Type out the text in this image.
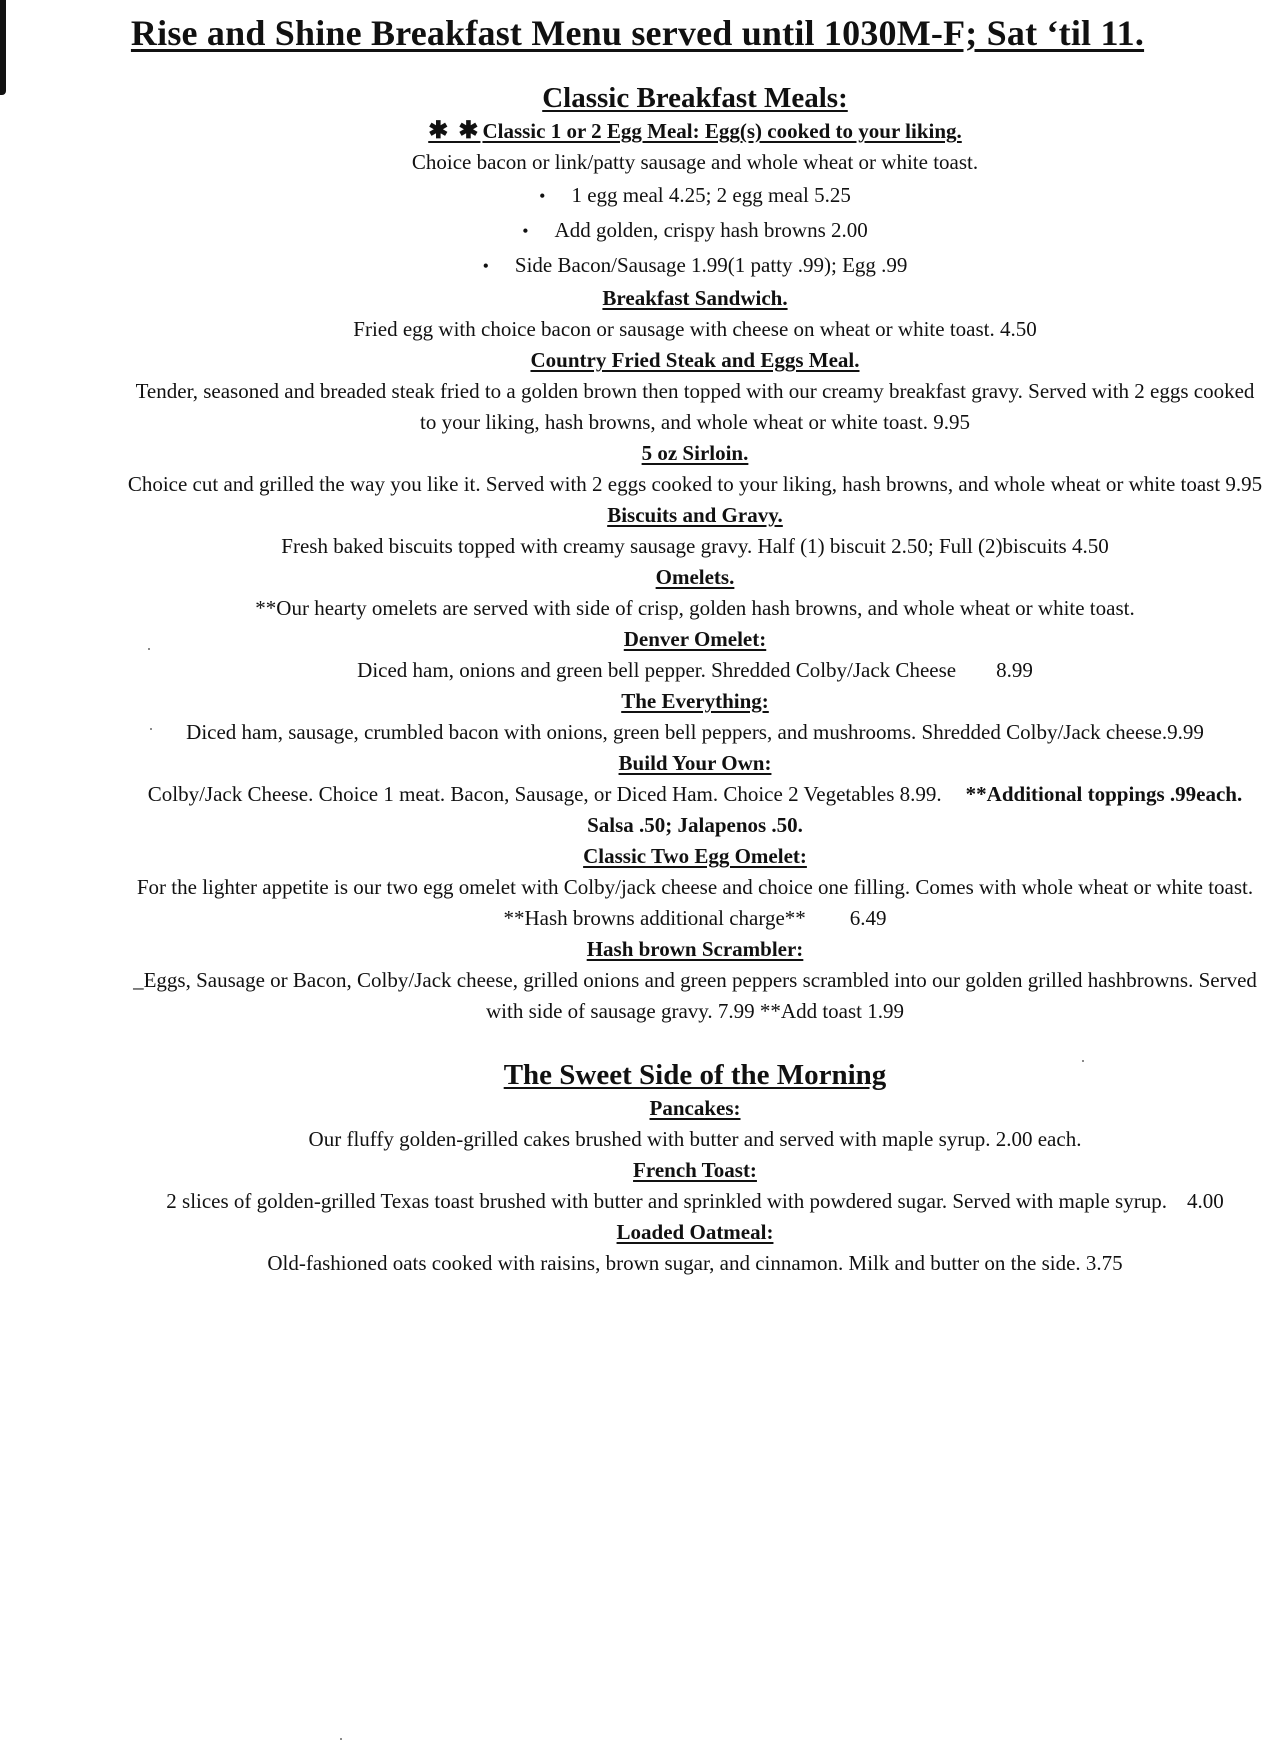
Rise and Shine Breakfast Menu served until 1030M-F; Sat ‘til 11.
Classic Breakfast Meals:
✱ ✱Classic 1 or 2 Egg Meal: Egg(s) cooked to your liking.

Choice bacon or link/patty sausage and whole wheat or white toast.

• 1 egg meal 4.25; 2 egg meal 5.25
• Add golden, crispy hash browns 2.00
• Side Bacon/Sausage 1.99(1 patty .99); Egg .99
Breakfast Sandwich.

Fried egg with choice bacon or sausage with cheese on wheat or white toast. 4.50

Country Fried Steak and Eggs Meal.

Tender, seasoned and breaded steak fried to a golden brown then topped with our creamy breakfast gravy. Served with 2 eggs cooked to your liking, hash browns, and whole wheat or white toast. 9.95

5 oz Sirloin.

Choice cut and grilled the way you like it. Served with 2 eggs cooked to your liking, hash browns, and whole wheat or white toast 9.95

Biscuits and Gravy.

Fresh baked biscuits topped with creamy sausage gravy. Half (1) biscuit 2.50; Full (2)biscuits 4.50

Omelets.

**Our hearty omelets are served with side of crisp, golden hash browns, and whole wheat or white toast.

Denver Omelet:

Diced ham, onions and green bell pepper. Shredded Colby/Jack Cheese 8.99

The Everything:

Diced ham, sausage, crumbled bacon with onions, green bell peppers, and mushrooms. Shredded Colby/Jack cheese.9.99

Build Your Own:

Colby/Jack Cheese. Choice 1 meat. Bacon, Sausage, or Diced Ham. Choice 2 Vegetables 8.99. **Additional toppings .99each. Salsa .50; Jalapenos .50.

Classic Two Egg Omelet:

For the lighter appetite is our two egg omelet with Colby/jack cheese and choice one filling. Comes with whole wheat or white toast. **Hash browns additional charge** 6.49

Hash brown Scrambler:

_Eggs, Sausage or Bacon, Colby/Jack cheese, grilled onions and green peppers scrambled into our golden grilled hashbrowns. Served with side of sausage gravy. 7.99 **Add toast 1.99

The Sweet Side of the Morning
Pancakes:

Our fluffy golden-grilled cakes brushed with butter and served with maple syrup. 2.00 each.

French Toast:

2 slices of golden-grilled Texas toast brushed with butter and sprinkled with powdered sugar. Served with maple syrup. 4.00

Loaded Oatmeal:

Old-fashioned oats cooked with raisins, brown sugar, and cinnamon. Milk and butter on the side. 3.75
